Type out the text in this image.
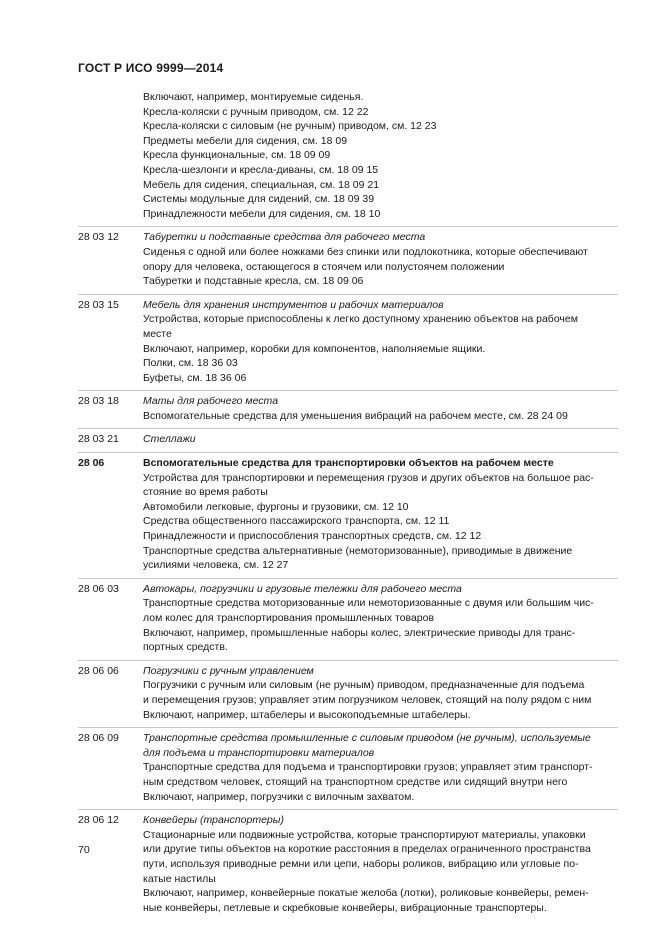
ГОСТ Р ИСО 9999—2014
Включают, например, монтируемые сиденья.
Кресла-коляски с ручным приводом, см. 12 22
Кресла-коляски с силовым (не ручным) приводом, см. 12 23
Предметы мебели для сидения, см. 18 09
Кресла функциональные, см. 18 09 09
Кресла-шезлонги и кресла-диваны, см. 18 09 15
Мебель для сидения, специальная, см. 18 09 21
Системы модульные для сидений, см. 18 09 39
Принадлежности мебели для сидения, см. 18 10
28 03 12 Табуретки и подставные средства для рабочего места
Сиденья с одной или более ножками без спинки или подлокотника, которые обеспечивают
опору для человека, остающегося в стоячем или полустоячем положении
Табуретки и подставные кресла, см. 18 09 06
28 03 15 Мебель для хранения инструментов и рабочих материалов
Устройства, которые приспособлены к легко доступному хранению объектов на рабочем
месте
Включают, например, коробки для компонентов, наполняемые ящики.
Полки, см. 18 36 03
Буфеты, см. 18 36 06
28 03 18 Маты для рабочего места
Вспомогательные средства для уменьшения вибраций на рабочем месте, см. 28 24 09
28 03 21 Стеллажи
28 06	Вспомогательные средства для транспортировки объектов на рабочем месте
Устройства для транспортировки и перемещения грузов и других объектов на большое рас-
стояние во время работы
Автомобили легковые, фургоны и грузовики, см. 12 10
Средства общественного пассажирского транспорта, см. 12 11
Принадлежности и приспособления транспортных средств, см. 12 12
Транспортные средства альтернативные (немоторизованные), приводимые в движение
усилиями человека, см. 12 27
28 06 03 Автокары, погрузчики и грузовые тележки для рабочего места
Транспортные средства моторизованные или немоторизованные с двумя или большим чис-
лом колес для транспортирования промышленных товаров
Включают, например, промышленные наборы колес, электрические приводы для транс-
портных средств.
28 06 06 Погрузчики с ручным управлением
Погрузчики с ручным или силовым (не ручным) приводом, предназначенные для подъема
и перемещения грузов; управляет этим погрузчиком человек, стоящий на полу рядом с ним
Включают, например, штабелеры и высокоподъемные штабелеры.
28 06 09 Транспортные средства промышленные с силовым приводом (не ручным), используемые
для подъема и транспортировки материалов
Транспортные средства для подъема и транспортировки грузов; управляет этим транспорт-
ным средством человек, стоящий на транспортном средстве или сидящий внутри него
Включают, например, погрузчики с вилочным захватом.
28 06 12 Конвейеры (транспортеры)
Стационарные или подвижные устройства, которые транспортируют материалы, упаковки
или другие типы объектов на короткие расстояния в пределах ограниченного пространства
пути, используя приводные ремни или цепи, наборы роликов, вибрацию или угловые по-
катые настилы
Включают, например, конвейерные покатые желоба (лотки), роликовые конвейеры, ремен-
ные конвейеры, петлевые и скребковые конвейеры, вибрационные транспортеры.
70
